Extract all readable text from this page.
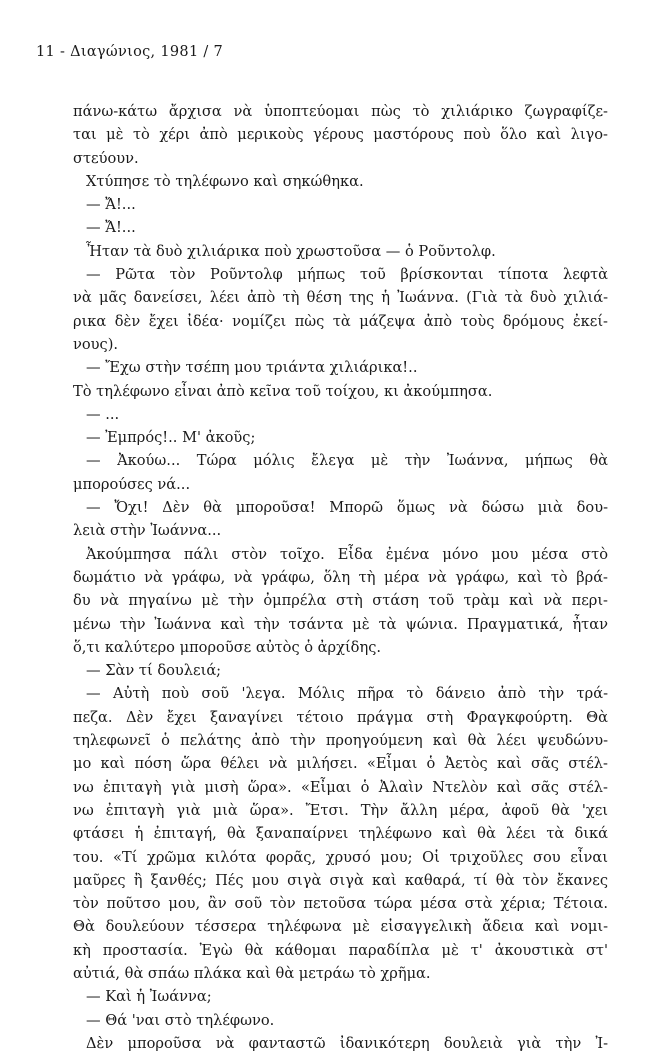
11 - Διαγώνιος, 1981 / 7
πάνω-κάτω ἄρχισα νὰ ὑποπτεύομαι πὼς τὸ χιλιάρικο ζωγραφίζε-
ται μὲ τὸ χέρι ἀπὸ μερικοὺς γέρους μαστόρους ποὺ ὅλο καὶ λιγο-
στεύουν.
Χτύπησε τὸ τηλέφωνο καὶ σηκώθηκα.
— Ἄ!...
— Ἄ!...
Ἦταν τὰ δυὸ χιλιάρικα ποὺ χρωστοῦσα — ὁ Ροῦντολφ.
— Ρῶτα τὸν Ροῦντολφ μήπως τοῦ βρίσκονται τίποτα λεφτὰ
νὰ μᾶς δανείσει, λέει ἀπὸ τὴ θέση της ἡ Ἰωάννα. (Γιὰ τὰ δυὸ χιλιά-
ρικα δὲν ἔχει ἰδέα· νομίζει πὼς τὰ μάζεψα ἀπὸ τοὺς δρόμους ἐκεί-
νους).
— Ἔχω στὴν τσέπη μου τριάντα χιλιάρικα!..
Τὸ τηλέφωνο εἶναι ἀπὸ κεῖνα τοῦ τοίχου, κι ἀκούμπησα.
— ...
— Ἐμπρός!.. Μ' ἀκοῦς;
— Ἀκούω... Τώρα μόλις ἔλεγα μὲ τὴν Ἰωάννα, μήπως θὰ
μπορούσες νά...
— Ὄχι! Δὲν θὰ μποροῦσα! Μπορῶ ὅμως νὰ δώσω μιὰ δου-
λειὰ στὴν Ἰωάννα...
Ἀκούμπησα πάλι στὸν τοῖχο. Εἶδα ἐμένα μόνο μου μέσα στὸ
δωμάτιο νὰ γράφω, νὰ γράφω, ὅλη τὴ μέρα νὰ γράφω, καὶ τὸ βρά-
δυ νὰ πηγαίνω μὲ τὴν ὀμπρέλα στὴ στάση τοῦ τρὰμ καὶ νὰ περι-
μένω τὴν Ἰωάννα καὶ τὴν τσάντα μὲ τὰ ψώνια. Πραγματικά, ἦταν
ὅ,τι καλύτερο μποροῦσε αὐτὸς ὁ ἀρχίδης.
— Σὰν τί δουλειά;
— Αὐτὴ ποὺ σοῦ 'λεγα. Μόλις πῆρα τὸ δάνειο ἀπὸ τὴν τρά-
πεζα. Δὲν ἔχει ξαναγίνει τέτοιο πράγμα στὴ Φραγκφούρτη. Θὰ
τηλεφωνεῖ ὁ πελάτης ἀπὸ τὴν προηγούμενη καὶ θὰ λέει ψευδώνυ-
μο καὶ πόση ὥρα θέλει νὰ μιλήσει. «Εἶμαι ὁ Ἀετὸς καὶ σᾶς στέλ-
νω ἐπιταγὴ γιὰ μισὴ ὥρα». «Εἶμαι ὁ Ἀλαὶν Ντελὸν καὶ σᾶς στέλ-
νω ἐπιταγὴ γιὰ μιὰ ὥρα». Ἔτσι. Τὴν ἄλλη μέρα, ἀφοῦ θὰ 'χει
φτάσει ἡ ἐπιταγή, θὰ ξαναπαίρνει τηλέφωνο καὶ θὰ λέει τὰ δικά
του. «Τί χρῶμα κιλότα φορᾶς, χρυσό μου; Οἱ τριχοῦλες σου εἶναι
μαῦρες ἢ ξανθές; Πές μου σιγὰ σιγὰ καὶ καθαρά, τί θὰ τὸν ἔκανες
τὸν ποῦτσο μου, ἂν σοῦ τὸν πετοῦσα τώρα μέσα στὰ χέρια; Τέτοια.
Θὰ δουλεύουν τέσσερα τηλέφωνα μὲ εἰσαγγελικὴ ἄδεια καὶ νομι-
κὴ προστασία. Ἐγὼ θὰ κάθομαι παραδίπλα μὲ τ' ἀκουστικὰ στ'
αὐτιά, θὰ σπάω πλάκα καὶ θὰ μετράω τὸ χρῆμα.
— Καὶ ἡ Ἰωάννα;
— Θά 'ναι στὸ τηλέφωνο.
Δὲν μποροῦσα νὰ φανταστῶ ἰδανικότερη δουλειὰ γιὰ τὴν Ἰ-
